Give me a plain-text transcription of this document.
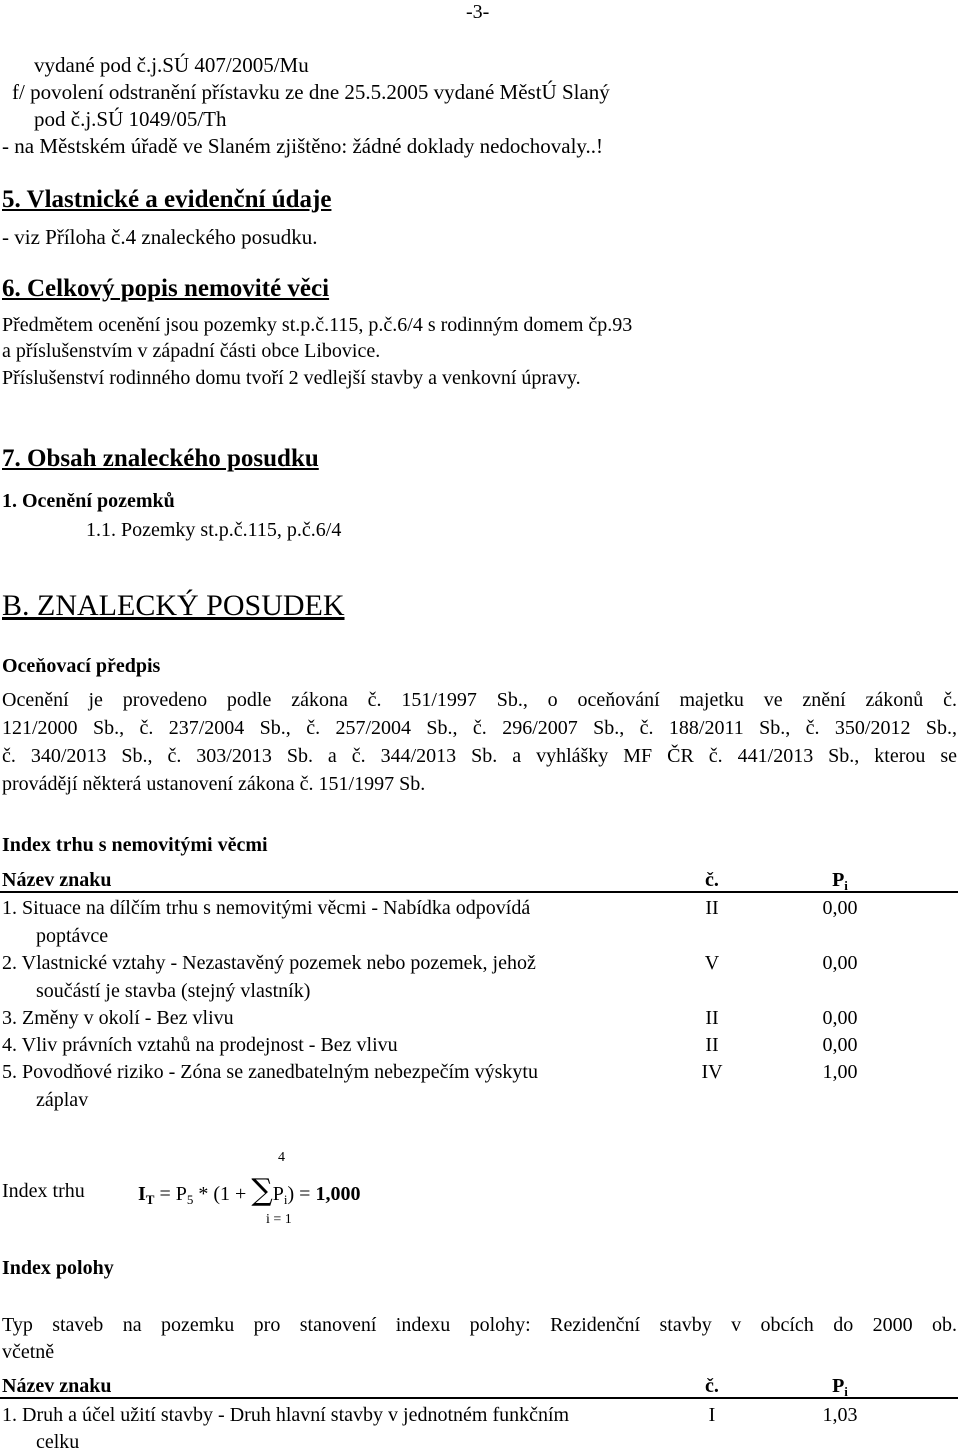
-3-
vydané pod č.j.SÚ 407/2005/Mu
f/ povolení odstranění přístavku ze dne 25.5.2005 vydané MěstÚ Slaný
pod č.j.SÚ 1049/05/Th
- na Městském úřadě ve Slaném zjištěno: žádné doklady nedochovaly..!
5. Vlastnické a evidenční údaje
- viz Příloha č.4 znaleckého posudku.
6. Celkový popis nemovité věci
Předmětem ocenění jsou pozemky st.p.č.115, p.č.6/4 s rodinným domem čp.93
a příslušenstvím v západní části obce Libovice.
Příslušenství rodinného domu tvoří 2 vedlejší stavby a venkovní úpravy.
7. Obsah znaleckého posudku
1. Ocenění pozemků
1.1. Pozemky st.p.č.115, p.č.6/4
B. ZNALECKÝ POSUDEK
Oceňovací předpis
Ocenění je provedeno podle zákona č. 151/1997 Sb., o oceňování majetku ve znění zákonů č.
121/2000 Sb., č. 237/2004 Sb., č. 257/2004 Sb., č. 296/2007 Sb., č. 188/2011 Sb., č. 350/2012 Sb.,
č. 340/2013 Sb., č. 303/2013 Sb. a č. 344/2013 Sb. a vyhlášky MF ČR č. 441/2013 Sb., kterou se
provádějí některá ustanovení zákona č. 151/1997 Sb.
Index trhu s nemovitými věcmi
Název znaku	č.	$P_i$
1. Situace na dílčím trhu s nemovitými věcmi - Nabídka odpovídá
poptávce
II	0,00
2. Vlastnické vztahy - Nezastavěný pozemek nebo pozemek, jehož
součástí je stavba (stejný vlastník)
V	0,00
3. Změny v okolí - Bez vlivu	II	0,00
4. Vliv právních vztahů na prodejnost - Bez vlivu	II	0,00
5. Povodňové riziko - Zóna se zanedbatelným nebezpečím výskytu
záplav
IV	1,00
4
Index trhu	$I_T = P_5 * (1 + \sum P_i) = 1,000$
i = 1
Index polohy
Typ staveb na pozemku pro stanovení indexu polohy: Rezidenční stavby v obcích do 2000 ob.
včetně
Název znaku	č.	$P_i$
1. Druh a účel užití stavby - Druh hlavní stavby v jednotném funkčním
celku
I	1,03
